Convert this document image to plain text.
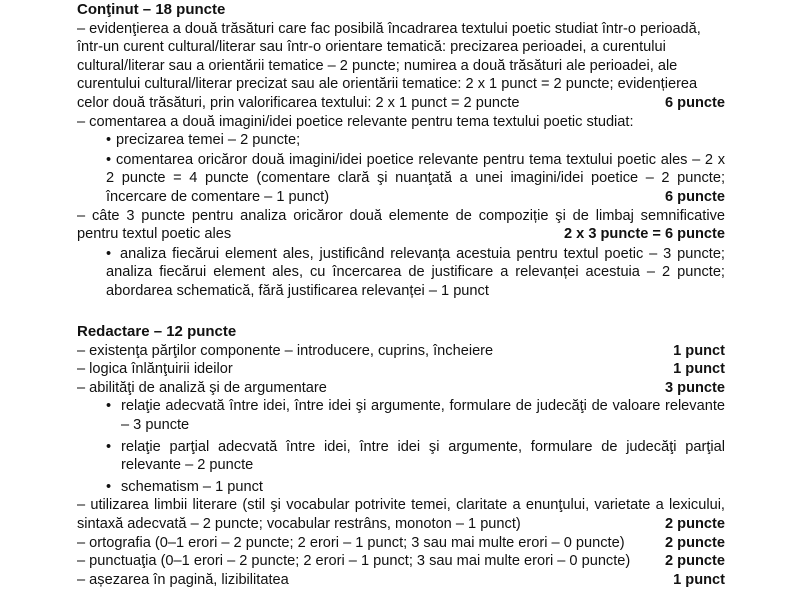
Conţinut – 18 puncte
– evidenţierea a două trăsături care fac posibilă încadrarea textului poetic studiat într-o perioadă, într-un curent cultural/literar sau într-o orientare tematică: precizarea perioadei, a curentului cultural/literar sau a orientării tematice – 2 puncte; numirea a două trăsături ale perioadei, ale curentului cultural/literar precizat sau ale orientării tematice: 2 x 1 punct = 2 puncte; evidențierea celor două trăsături, prin valorificarea textului: 2 x 1 punct = 2 puncte	6 puncte
– comentarea a două imagini/idei poetice relevante pentru tema textului poetic studiat:
• precizarea temei – 2 puncte;
• comentarea oricăror două imagini/idei poetice relevante pentru tema textului poetic ales – 2 x 2 puncte = 4 puncte (comentare clară şi nuanţată a unei imagini/idei poetice – 2 puncte; încercare de comentare – 1 punct)	6 puncte
– câte 3 puncte pentru analiza oricăror două elemente de compoziție şi de limbaj semnificative pentru textul poetic ales	2 x 3 puncte = 6 puncte
• analiza fiecărui element ales, justificând relevanța acestuia pentru textul poetic – 3 puncte; analiza fiecărui element ales, cu încercarea de justificare a relevanței acestuia – 2 puncte; abordarea schematică, fără justificarea relevanței – 1 punct
Redactare – 12 puncte
– existenţa părţilor componente – introducere, cuprins, încheiere	1 punct
– logica înlănţuirii ideilor	1 punct
– abilităţi de analiză şi de argumentare	3 puncte
• relaţie adecvată între idei, între idei şi argumente, formulare de judecăţi de valoare relevante – 3 puncte
• relaţie parţial adecvată între idei, între idei şi argumente, formulare de judecăţi parţial relevante – 2 puncte
• schematism – 1 punct
– utilizarea limbii literare (stil şi vocabular potrivite temei, claritate a enunţului, varietate a lexicului, sintaxă adecvată – 2 puncte; vocabular restrâns, monoton – 1 punct)	2 puncte
– ortografia (0–1 erori – 2 puncte; 2 erori – 1 punct; 3 sau mai multe erori – 0 puncte)	2 puncte
– punctuaţia (0–1 erori – 2 puncte; 2 erori – 1 punct; 3 sau mai multe erori – 0 puncte) 2 puncte
– așezarea în pagină, lizibilitatea	1 punct
